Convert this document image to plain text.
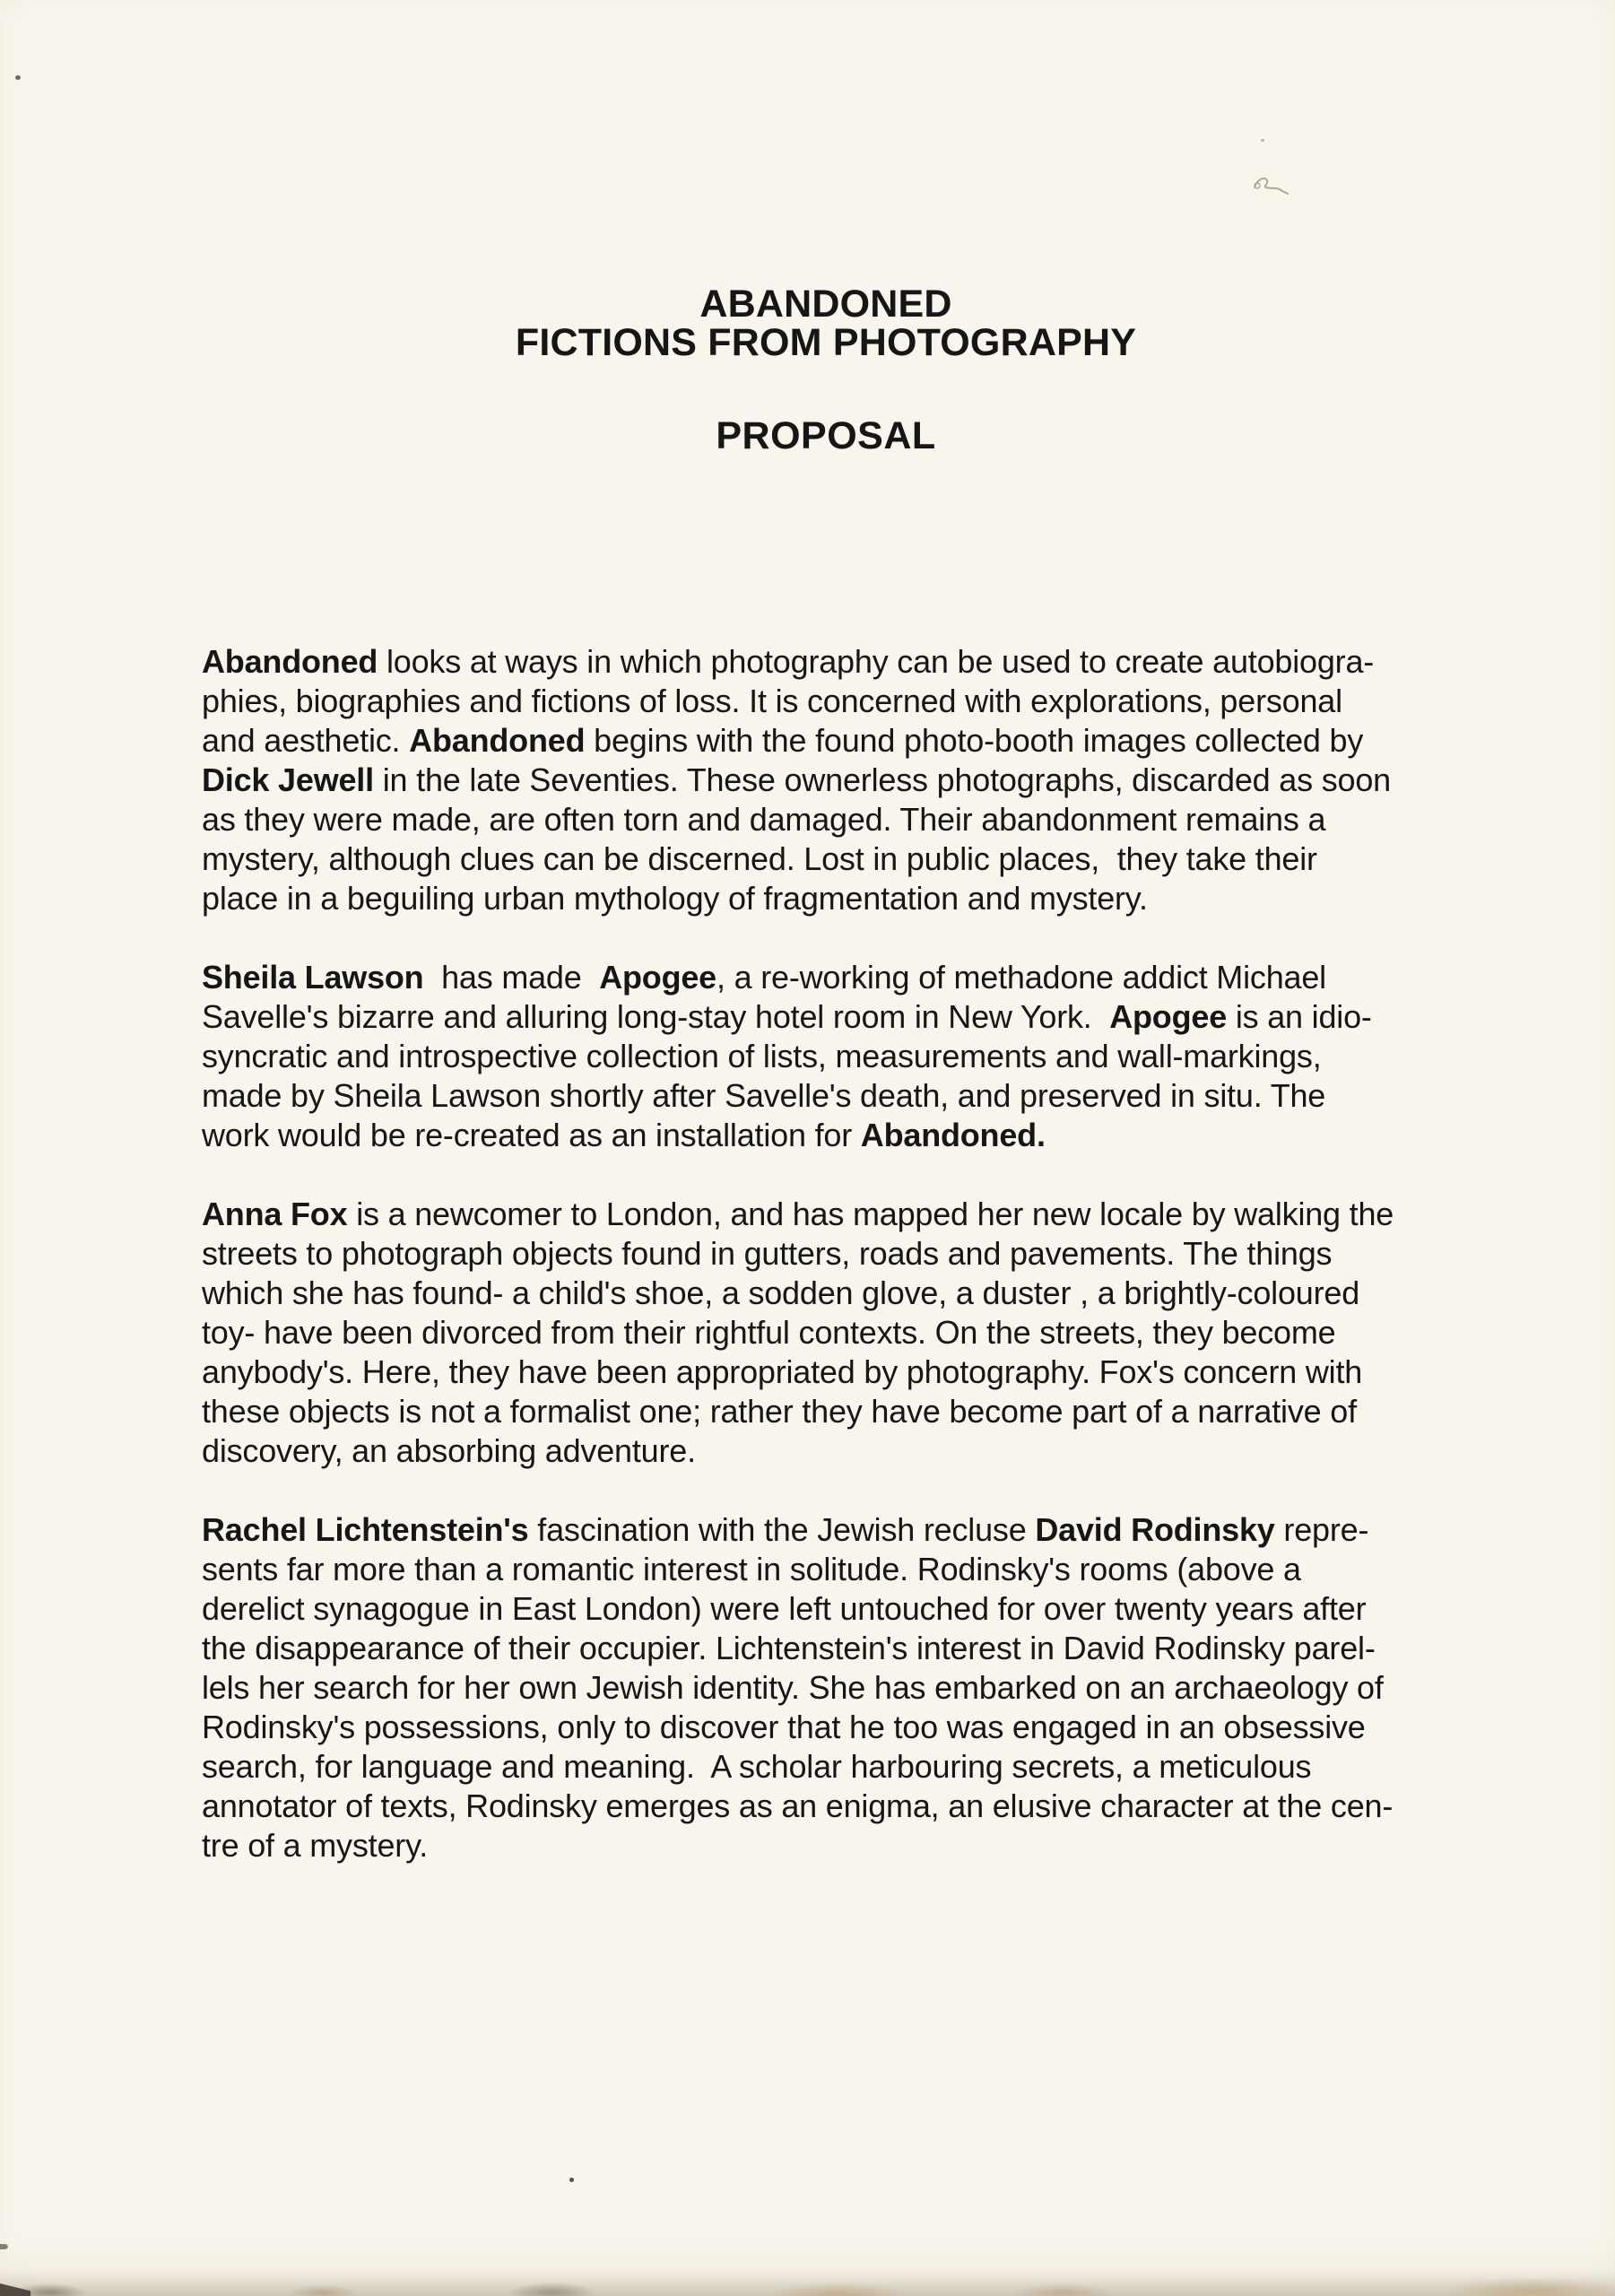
ABANDONED
FICTIONS FROM PHOTOGRAPHY
PROPOSAL
Abandoned looks at ways in which photography can be used to create autobiogra-
phies, biographies and fictions of loss. It is concerned with explorations, personal
and aesthetic. Abandoned begins with the found photo-booth images collected by
Dick Jewell in the late Seventies. These ownerless photographs, discarded as soon
as they were made, are often torn and damaged. Their abandonment remains a
mystery, although clues can be discerned. Lost in public places,  they take their
place in a beguiling urban mythology of fragmentation and mystery.
Sheila Lawson  has made  Apogee, a re-working of methadone addict Michael
Savelle's bizarre and alluring long-stay hotel room in New York.  Apogee is an idio-
syncratic and introspective collection of lists, measurements and wall-markings,
made by Sheila Lawson shortly after Savelle's death, and preserved in situ. The
work would be re-created as an installation for Abandoned.
Anna Fox is a newcomer to London, and has mapped her new locale by walking the
streets to photograph objects found in gutters, roads and pavements. The things
which she has found- a child's shoe, a sodden glove, a duster , a brightly-coloured
toy- have been divorced from their rightful contexts. On the streets, they become
anybody's. Here, they have been appropriated by photography. Fox's concern with
these objects is not a formalist one; rather they have become part of a narrative of
discovery, an absorbing adventure.
Rachel Lichtenstein's fascination with the Jewish recluse David Rodinsky repre-
sents far more than a romantic interest in solitude. Rodinsky's rooms (above a
derelict synagogue in East London) were left untouched for over twenty years after
the disappearance of their occupier. Lichtenstein's interest in David Rodinsky parel-
lels her search for her own Jewish identity. She has embarked on an archaeology of
Rodinsky's possessions, only to discover that he too was engaged in an obsessive
search, for language and meaning.  A scholar harbouring secrets, a meticulous
annotator of texts, Rodinsky emerges as an enigma, an elusive character at the cen-
tre of a mystery.
